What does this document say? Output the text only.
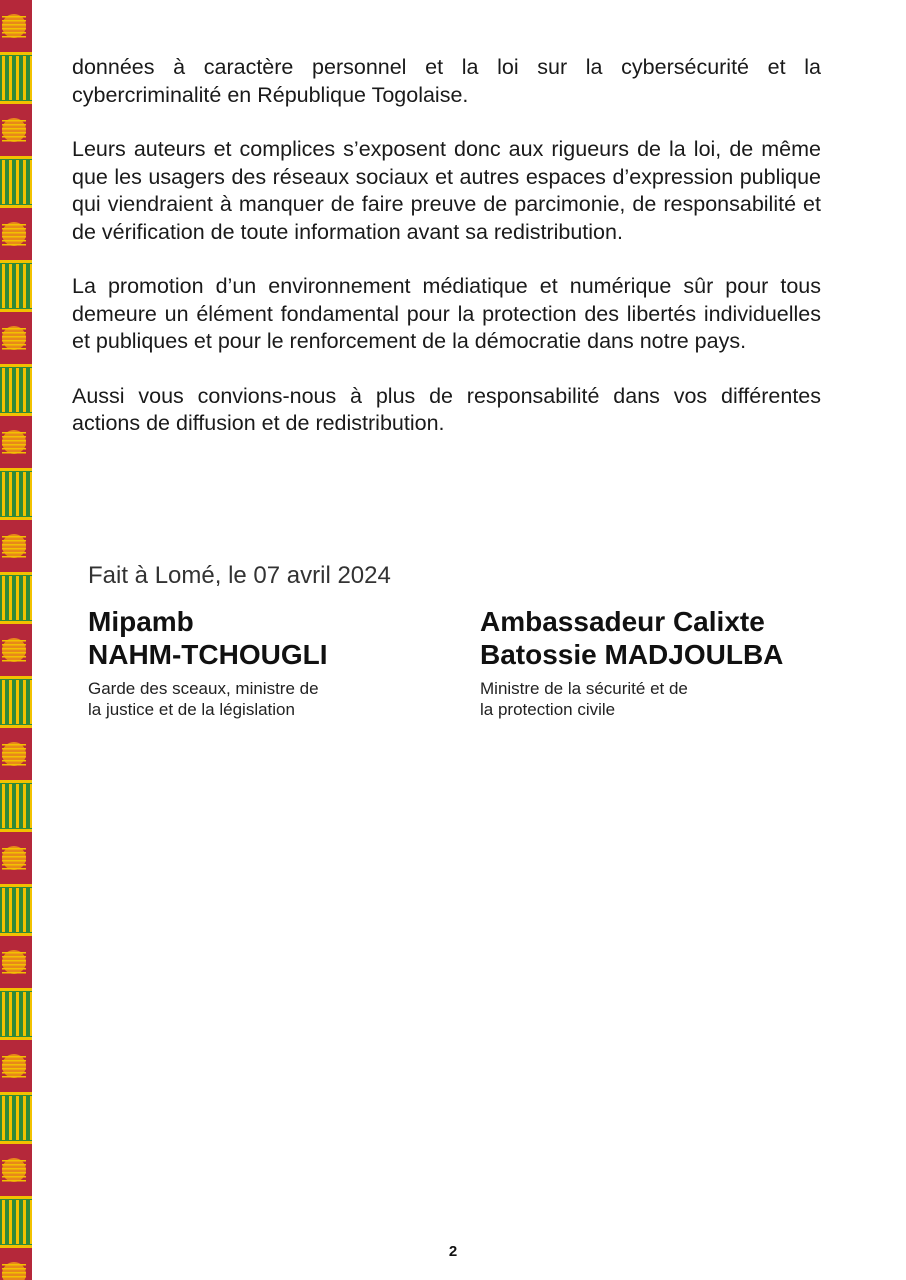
données à caractère personnel et la loi sur la cybersécurité et la cybercriminalité en République Togolaise.

Leurs auteurs et complices s’exposent donc aux rigueurs de la loi, de même que les usagers des réseaux sociaux et autres espaces d’expression publique qui viendraient à manquer de faire preuve de parcimonie, de responsabilité et de vérification de toute information avant sa redistribution.

La promotion d’un environnement médiatique et numérique sûr pour tous demeure un élément fondamental pour la protection des libertés individuelles et publiques et pour le renforcement de la démocratie dans notre pays.

Aussi vous convions-nous à plus de responsabilité dans vos différentes actions de diffusion et de redistribution.

Fait à Lomé, le 07 avril 2024
Mipamb
NAHM-TCHOUGLI
Garde des sceaux, ministre de
la justice et de la législation
Ambassadeur Calixte
Batossie MADJOULBA
Ministre de la sécurité et de
la protection civile
2
